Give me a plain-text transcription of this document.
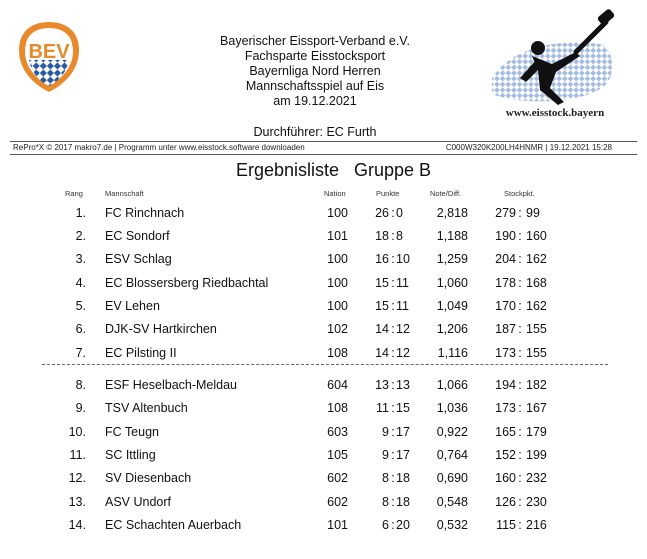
BEV	Bayerischer Eissport-Verband e.V.
Fachsparte Eisstocksport
Bayernliga Nord Herren
Mannschaftsspiel auf Eis
am 19.12.2021
www.eisstock.bayern
Durchführer: EC Furth
RePro*X © 2017 makro7.de | Programm unter www.eisstock.software downloaden	C000W320K200LH4HNMR | 19.12.2021 15:28
Ergebnisliste Gruppe B
Rang	Mannschaft	Nation	Punkte	Note/Diff.	Stockpkt.
1. FC Rinchnach	100	26 : 0	2,818	279 : 99
2. EC Sondorf	101	18 : 8	1,188	190 : 160
3. ESV Schlag	100	16 : 10	1,259	204 : 162
4. EC Blossersberg Riedbachtal	100	15 : 11	1,060	178 : 168
5. EV Lehen	100	15 : 11	1,049	170 : 162
6. DJK-SV Hartkirchen	102	14 : 12	1,206	187 : 155
7. EC Pilsting II	108	14 : 12	1,116	173 : 155
8. ESF Heselbach-Meldau	604	13 : 13	1,066	194 : 182
9. TSV Altenbuch	108	11 : 15	1,036	173 : 167
10. FC Teugn	603	9 : 17	0,922	165 : 179
11. SC Ittling	105	9 : 17	0,764	152 : 199
12. SV Diesenbach	602	8 : 18	0,690	160 : 232
13. ASV Undorf	602	8 : 18	0,548	126 : 230
14. EC Schachten Auerbach	101	6 : 20	0,532	115 : 216
